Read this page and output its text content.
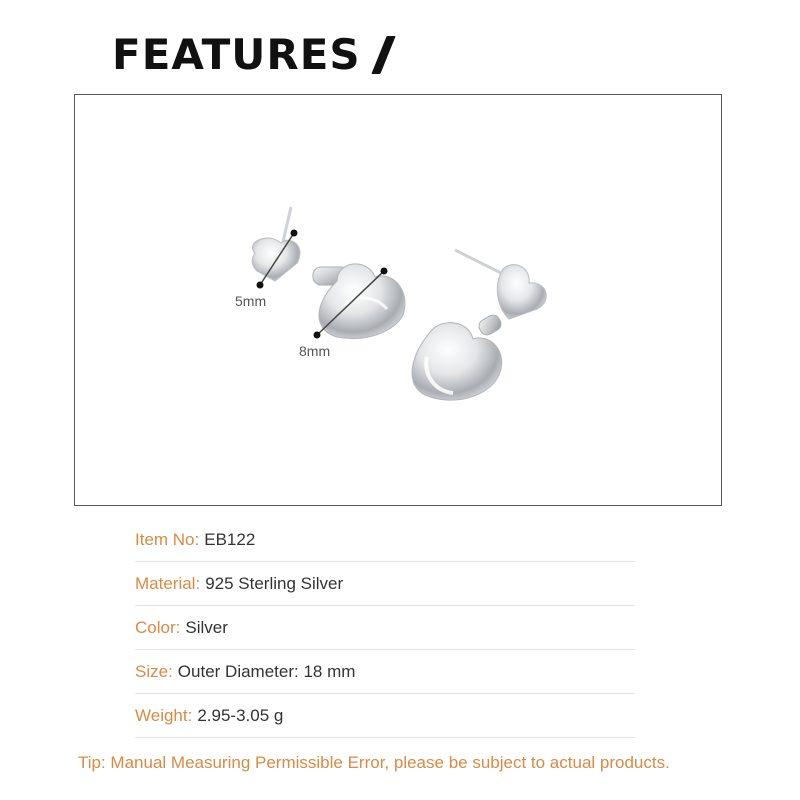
FEATURES
5mm
8mm
Item No: EB122
Material: 925 Sterling Silver
Color: Silver
Size: Outer Diameter: 18 mm
Weight: 2.95-3.05 g
Tip: Manual Measuring Permissible Error, please be subject to actual products.
